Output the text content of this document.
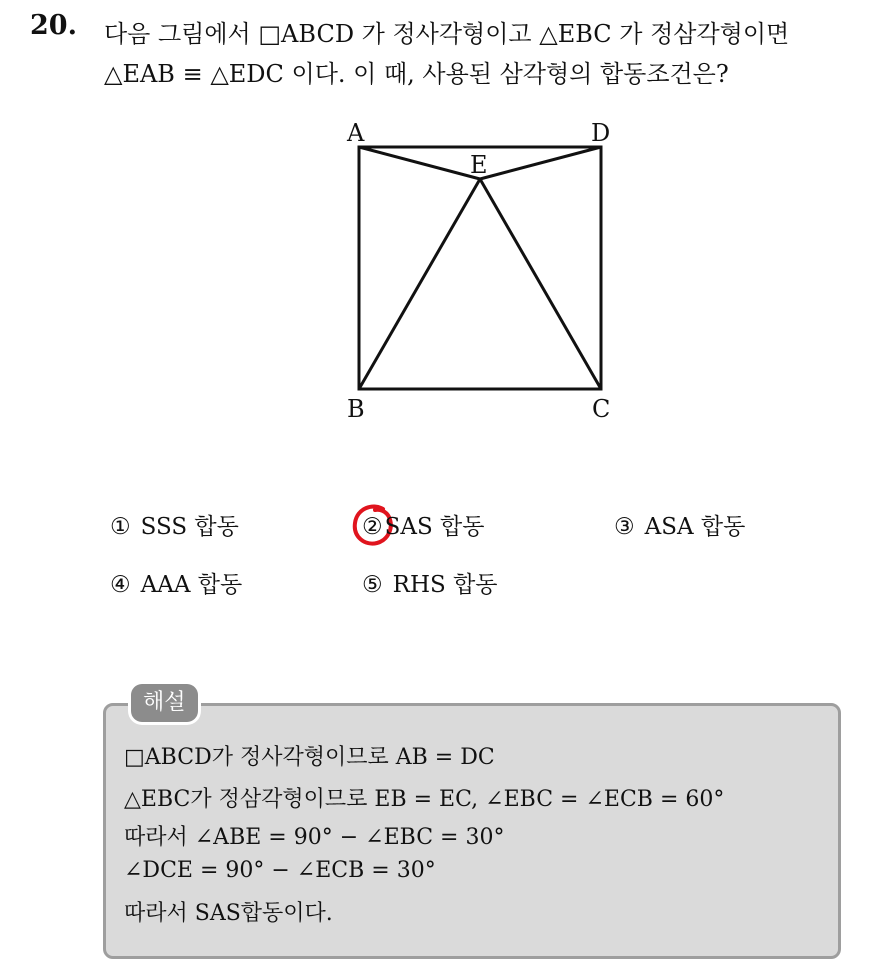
20. 다음 그림에서 □ABCD 가 정사각형이고 △EBC 가 정삼각형이면
△EAB ≡ △EDC 이다. 이 때, 사용된 삼각형의 합동조건은?
A	D
E
B	C
① SSS 합동	②SAS 합동	③ ASA 합동
④ AAA 합동	⑤ RHS 합동
해설
□ABCD가 정사각형이므로 AB = DC
△EBC가 정삼각형이므로 EB = EC, ∠EBC = ∠ECB = 60°
따라서 ∠ABE = 90° − ∠EBC = 30°
∠DCE = 90° − ∠ECB = 30°
따라서 SAS합동이다.
